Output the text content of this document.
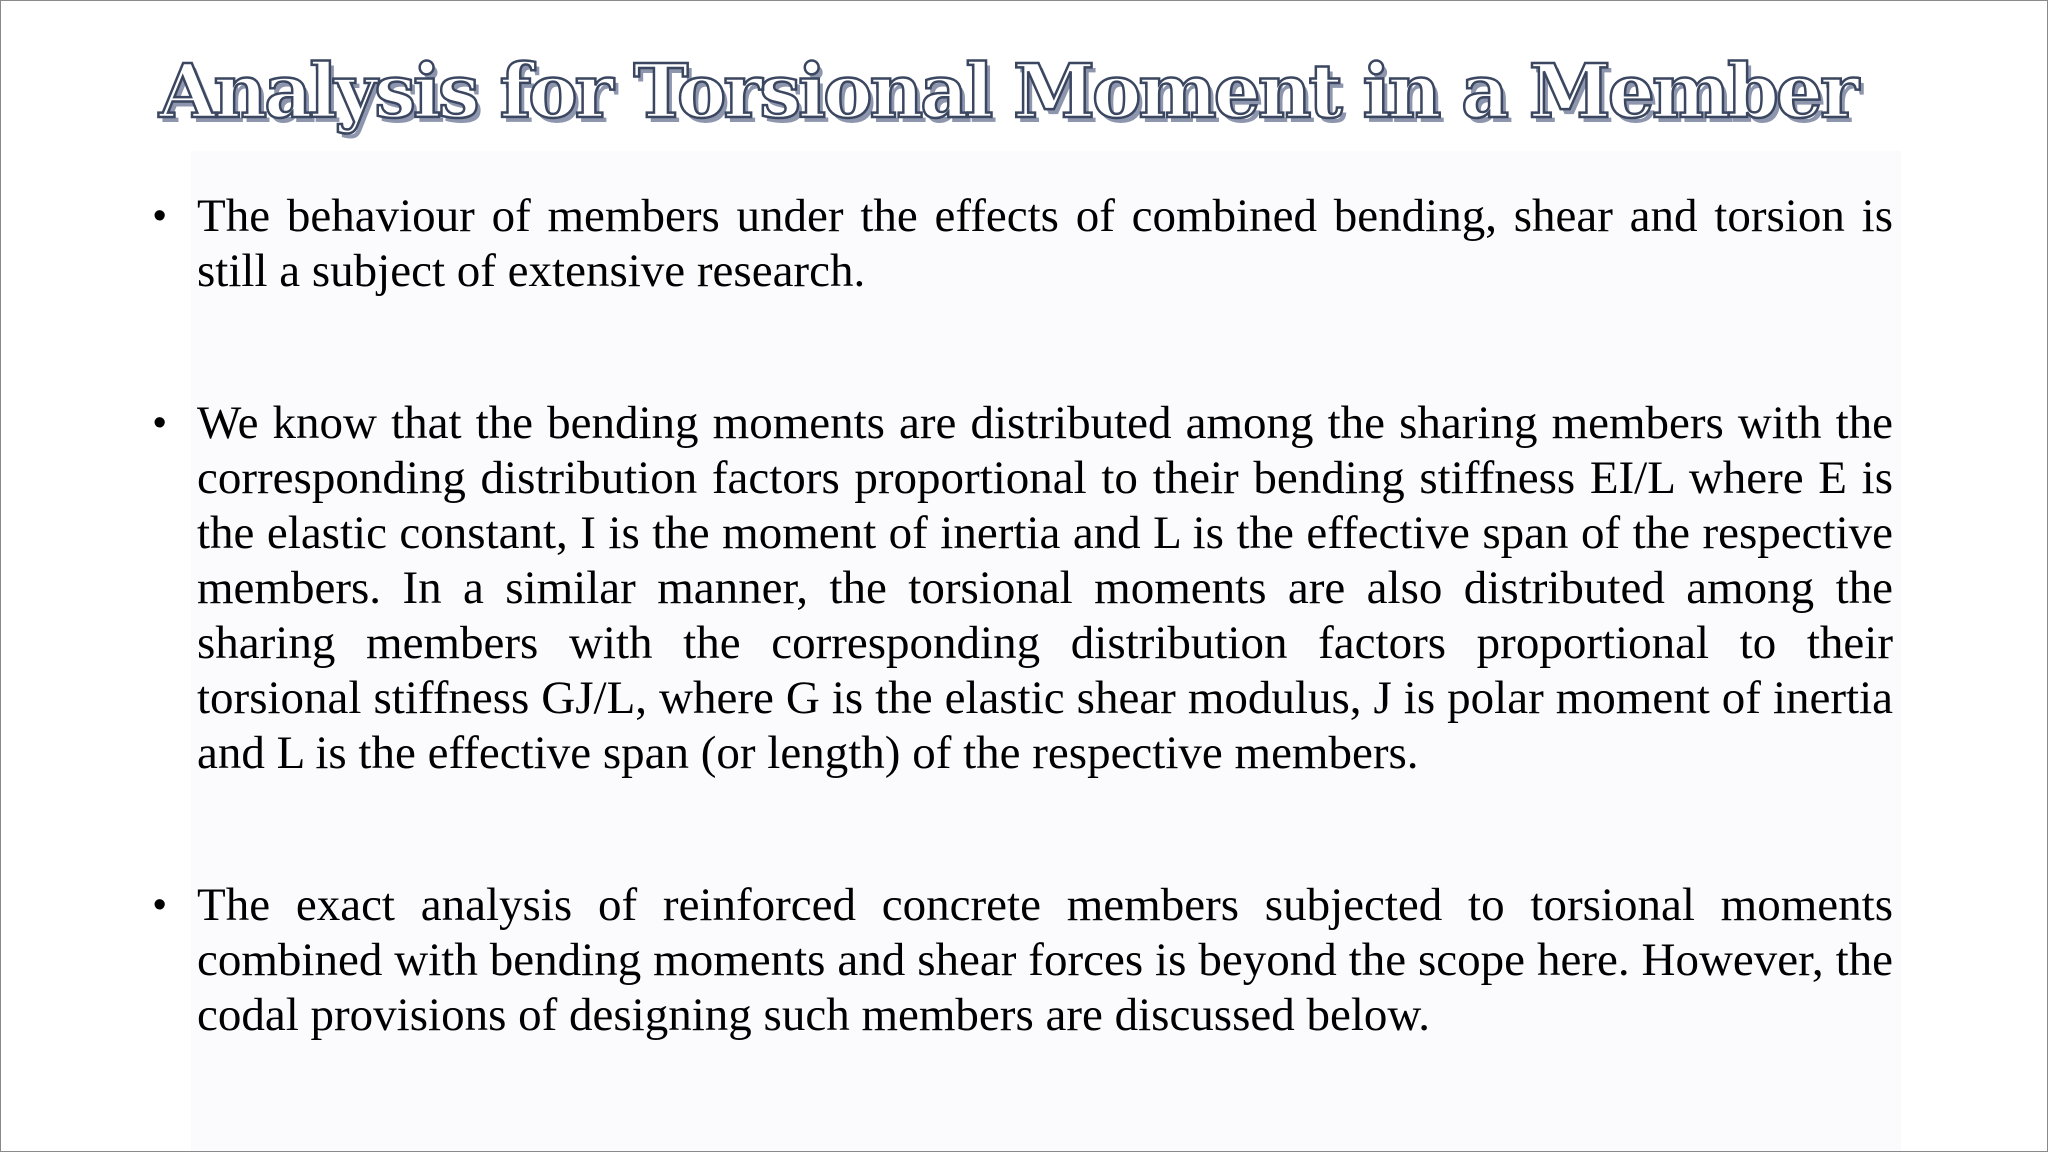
Analysis for Torsional Moment in a Member
• The behaviour of members under the effects of combined bending, shear and torsion is still a subject of extensive research.
• We know that the bending moments are distributed among the sharing members with the corresponding distribution factors proportional to their bending stiffness EI/L where E is the elastic constant, I is the moment of inertia and L is the effective span of the respective members. In a similar manner, the torsional moments are also distributed among the sharing members with the corresponding distribution factors proportional to their torsional stiffness GJ/L, where G is the elastic shear modulus, J is polar moment of inertia and L is the effective span (or length) of the respective members.
• The exact analysis of reinforced concrete members subjected to torsional moments combined with bending moments and shear forces is beyond the scope here. However, the codal provisions of designing such members are discussed below.
